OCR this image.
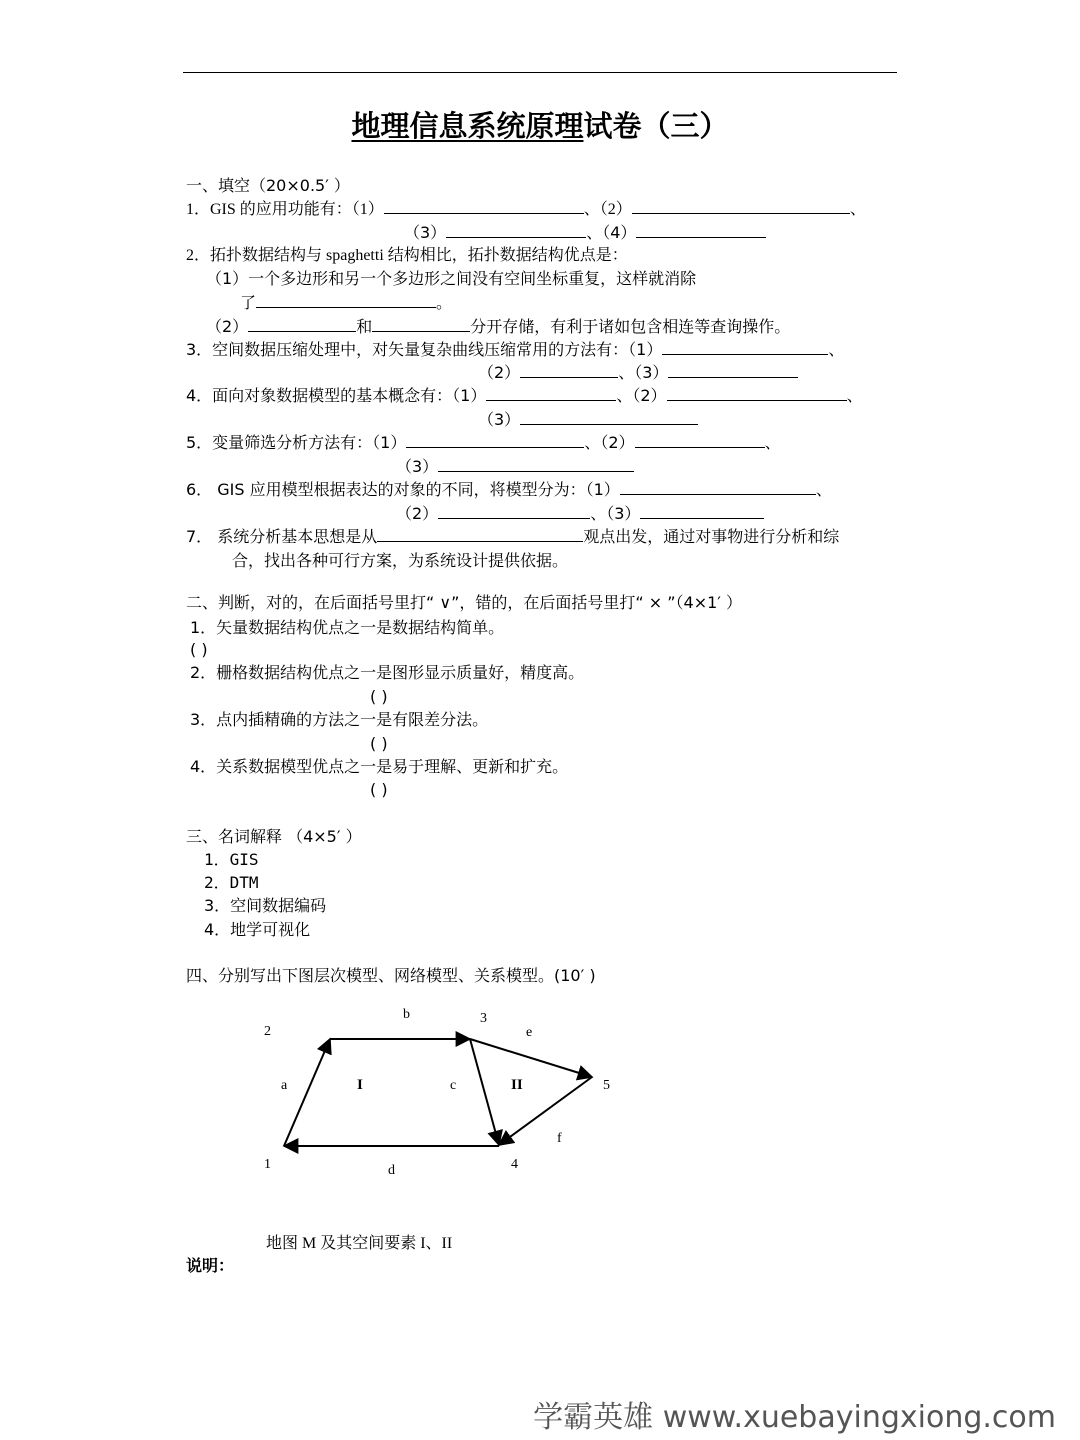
地理信息系统原理试卷（三）
一、填空（20×0.5′ ）
1．GIS 的应用功能有：（1）	、（2）	、
（3）	、（4）
2．拓扑数据结构与 spaghetti 结构相比，拓扑数据结构优点是：
（1）一个多边形和另一个多边形之间没有空间坐标重复，这样就消除
了	。
（2）	和	分开存储，有利于诸如包含相连等查询操作。
3．空间数据压缩处理中，对矢量复杂曲线压缩常用的方法有：（1）	、
（2）	、（3）
4．面向对象数据模型的基本概念有：（1）	、（2）	、
（3）
5．变量筛选分析方法有：（1）	、（2）	、
（3）
6． GIS 应用模型根据表达的对象的不同，将模型分为：（1）	、
（2）	、（3）
7． 系统分析基本思想是从	观点出发，通过对事物进行分析和综
合，找出各种可行方案，为系统设计提供依据。
二、判断，对的，在后面括号里打“ ∨”，错的，在后面括号里打“ × ”（4×1′ ）
1．矢量数据结构优点之一是数据结构简单。
( )
2．栅格数据结构优点之一是图形显示质量好，精度高。
( )
3．点内插精确的方法之一是有限差分法。
( )
4．关系数据模型优点之一是易于理解、更新和扩充。
( )
三、名词解释 （4×5′ ）
1．GIS
2．DTM
3．空间数据编码
4．地学可视化
四、分别写出下图层次模型、网络模型、关系模型。(10′ )
1
2
3
4
5
a
b
c
d
e
f
I	II
地图 M 及其空间要素 I、II
说明：
学霸英雄 www.xuebayingxiong.com
